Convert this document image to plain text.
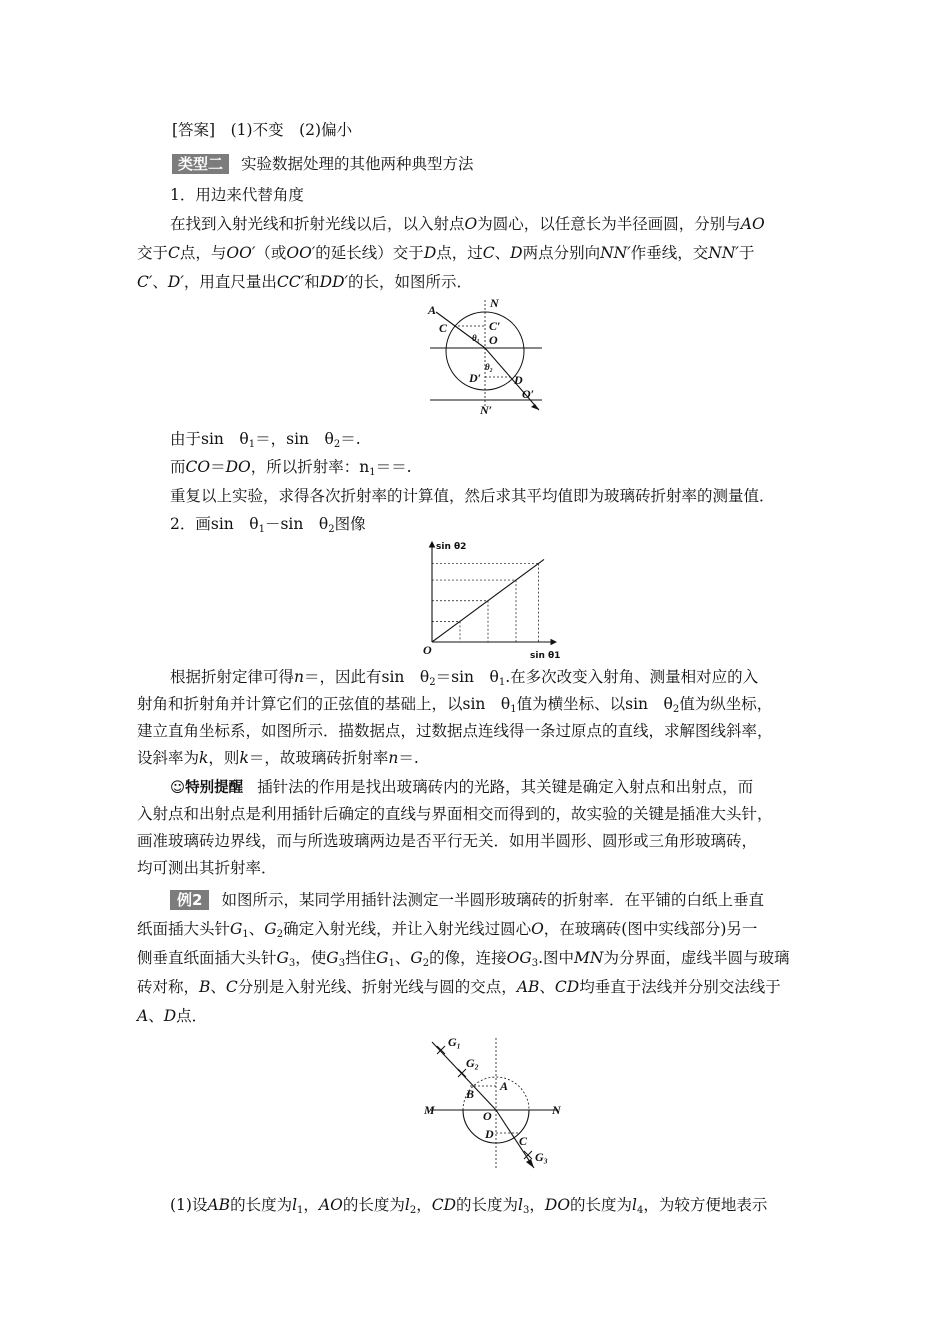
[答案]　 (1)不变　 (2)偏小
类型二 实验数据处理的其他两种典型方法
1．用边来代替角度
在找到入射光线和折射光线以后，以入射点O为圆心，以任意长为半径画圆，分别与AO
交于C点，与OO′（或OO′的延长线）交于D点，过C、D两点分别向NN′作垂线，交NN′于
C′、D′，用直尺量出CC′和DD′的长，如图所示．
A	N
C	C′
O
θ₁
θ₂
D′	D
O′
N′
由于sin　$\theta_1=$，sin　$\theta_2=$.
而CO＝DO，所以折射率：$n_1==$.
重复以上实验，求得各次折射率的计算值，然后求其平均值即为玻璃砖折射率的测量值．
2．画sin　$\theta_1-\sin$　$\theta_2$图像
sin θ2
sin θ1
O
根据折射定律可得n＝，因此有sin　$\theta_2=\sin$　$\theta_1$.在多次改变入射角、测量相对应的入
射角和折射角并计算它们的正弦值的基础上，以sin　$\theta_1$值为横坐标、以sin　$\theta_2$值为纵坐标，
建立直角坐标系，如图所示．描数据点，过数据点连线得一条过原点的直线，求解图线斜率，
设斜率为k，则k＝，故玻璃砖折射率n＝.
☺特别提醒 插针法的作用是找出玻璃砖内的光路，其关键是确定入射点和出射点，而
入射点和出射点是利用插针后确定的直线与界面相交而得到的，故实验的关键是插准大头针，
画准玻璃砖边界线，而与所选玻璃两边是否平行无关．如用半圆形、圆形或三角形玻璃砖，
均可测出其折射率．
例2 如图所示，某同学用插针法测定一半圆形玻璃砖的折射率．在平铺的白纸上垂直
纸面插大头针$G_1$、$G_2$确定入射光线，并让入射光线过圆心O，在玻璃砖(图中实线部分)另一
侧垂直纸面插大头针$G_3$，使$G_3$挡住$G_1$、$G_2$的像，连接$OG_3$.图中MN为分界面，虚线半圆与玻璃
砖对称，B、C分别是入射光线、折射光线与圆的交点，AB、CD均垂直于法线并分别交法线于
A、D点．
G₁
G₂
A
B
M	O	N
D C
G₃
(1)设AB的长度为$l_1$，AO的长度为$l_2$，CD的长度为$l_3$，DO的长度为$l_4$，为较方便地表示
